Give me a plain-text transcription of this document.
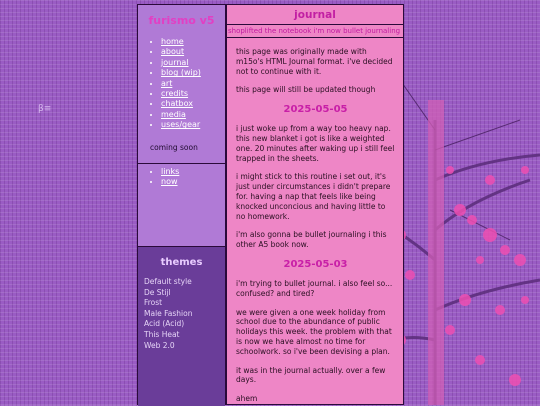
β≡
furismo v5
• home
• about
• journal
• blog (wip)
• art
• credits
• chatbox
• media
• uses/gear
coming soon
• links
• now
themes
Default style
De Stijl
Frost
Male Fashion
Acid (Acid)
This Heat
Web 2.0
journal
shoplifted the notebook i'm now bullet journaling

this page was originally made with m15o's HTML Journal format. i've decided not to continue with it.

this page will still be updated though

2025-05-05

i just woke up from a way too heavy nap. this new blanket i got is like a weighted one. 20 minutes after waking up i still feel trapped in the sheets.

i might stick to this routine i set out, it's just under circumstances i didn't prepare for. having a nap that feels like being knocked unconcious and having little to no homework.

i'm also gonna be bullet journaling i this other A5 book now.

2025-05-03

i'm trying to bullet journal. i also feel so... confused? and tired?

we were given a one week holiday from school due to the abundance of public holidays this week. the problem with that is now we have almost no time for schoolwork. so i've been devising a plan.

it was in the journal actually. over a few days.

ahem
